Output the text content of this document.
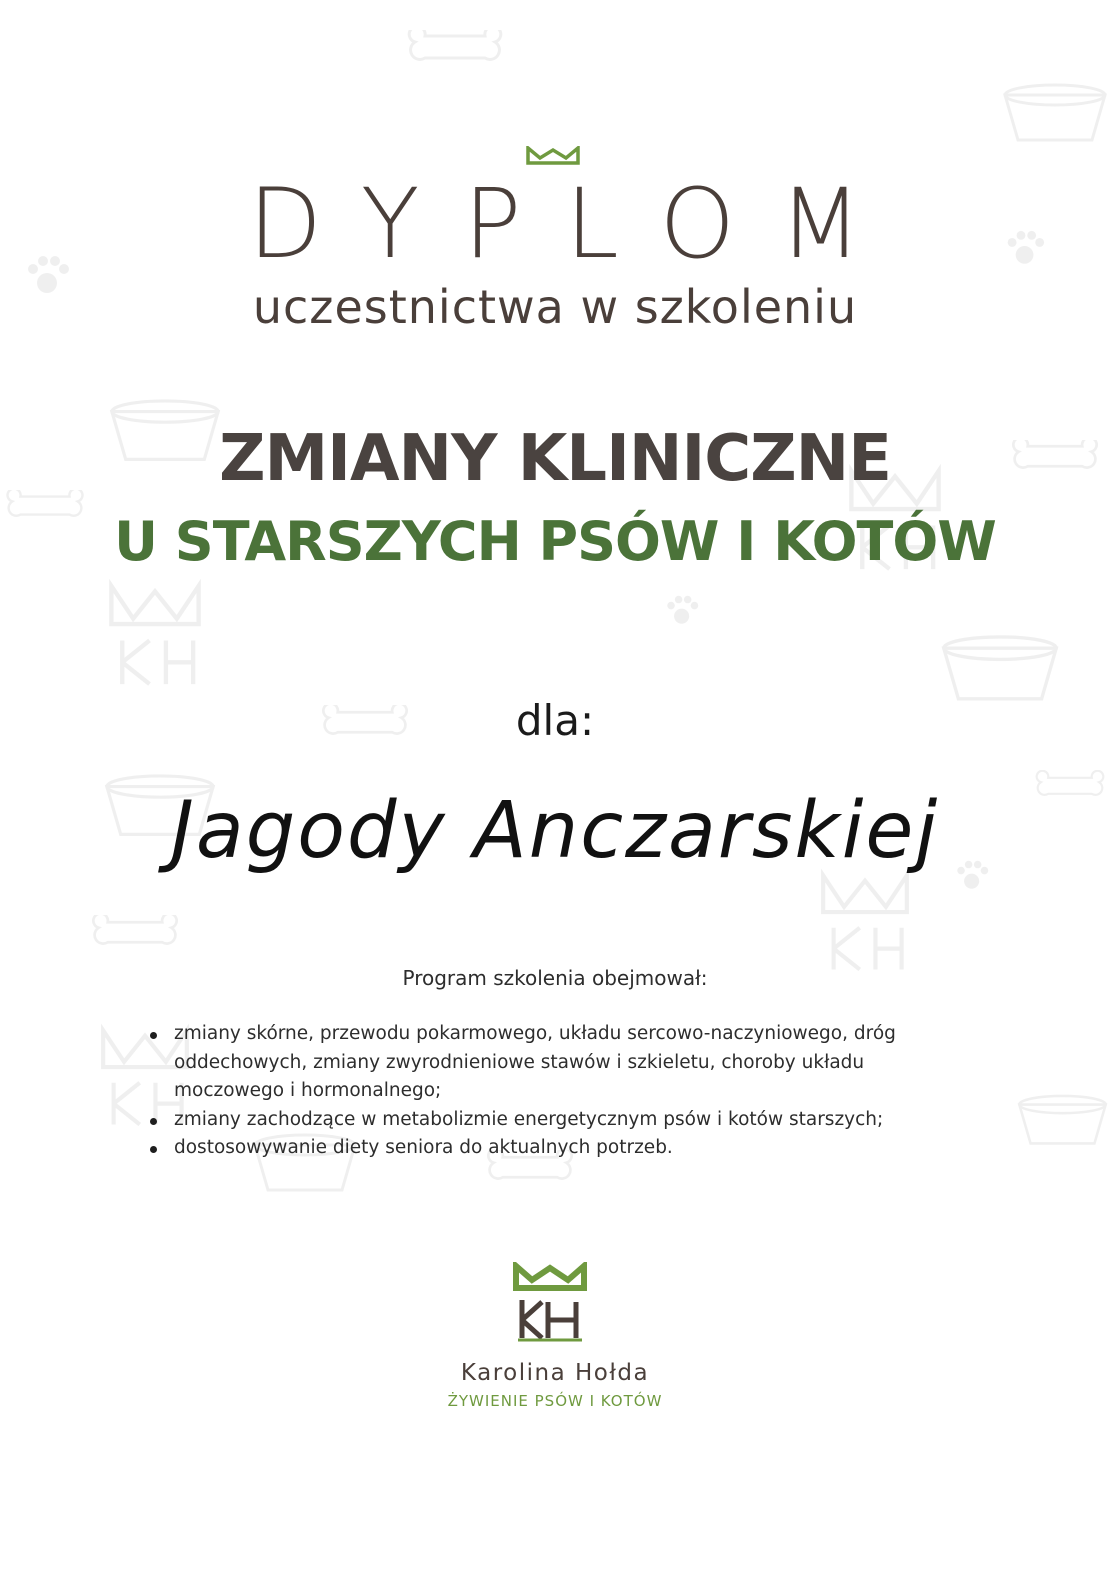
DYPLOM
uczestnictwa w szkoleniu
ZMIANY KLINICZNE
U STARSZYCH PSÓW I KOTÓW
dla:
Jagody Anczarskiej
Program szkolenia obejmował:
zmiany skórne, przewodu pokarmowego, układu sercowo-naczyniowego, dróg oddechowych, zmiany zwyrodnieniowe stawów i szkieletu, choroby układu moczowego i hormonalnego;
zmiany zachodzące w metabolizmie energetycznym psów i kotów starszych;
dostosowywanie diety seniora do aktualnych potrzeb.
Karolina Hołda
ŻYWIENIE PSÓW I KOTÓW
